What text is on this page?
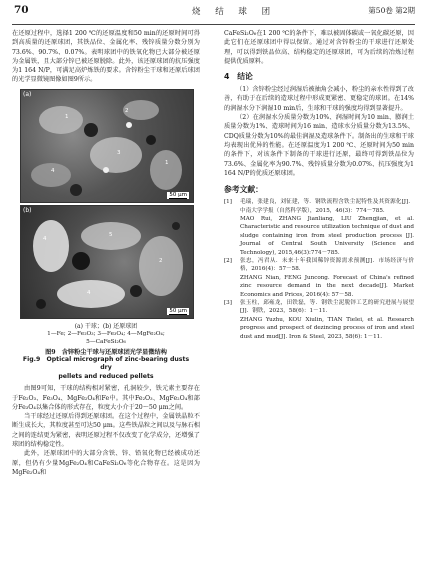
70	烧 结 球 团	第50卷 第2期

在还原过程中，选择1 200 ℃的还原温度和50 min的还原时间可得到高质量的还原球团，其铁品位、金属化率、残锌质量分数分别为73.6%、90.7%、0.07%。表明球团中的铁氧化物已大部分被还原为金属铁，且大部分锌已被还原脱除。此外，该还原球团的抗压强度为1 164 N/P，可满足高炉炼铁的要求。含锌粉尘干球和还原后球团的光学显微镜图像如图9所示。

(a)
1
2
3
4
1
50 μm
(b)
4
5
2
4
50 μm
(a) 干球；(b) 还原球团
1—Fe; 2—Fe₂O₃; 3—Fe₃O₄; 4—MgFe₂O₄;
5—CaFeSi₂O₆
图9　含锌粉尘干球与还原球团光学显微结构
Fig.9　Optical micrograph of zinc-bearing dusts dry
pellets and reduced pellets

由图9可知，干球的结构相对紧密，孔洞较少，铁元素主要存在于Fe₂O₃、Fe₃O₄、MgFe₂O₄和Fe中。其中Fe₂O₃、MgFe₂O₄和部分Fe₃O₄以集合体的形式存在，粒度大小介于20～50 μm之间。

当干球经过还原后得到还原球团。在这个过程中，金属铁晶粒不断生成长大，其粒度甚至可达50 μm。这些铁晶粒之间以及与脉石相之间的连结更为紧密，表明还原过程不仅改变了化学成分，还增强了球团的结构稳定性。

此外，还原球团中的大部分含铁、锌、铅氧化物已经被成功还原，但仍有少量MgFe₂O₄和CaFeSi₂O₆等化合物存在。这是因为MgFe₂O₄和

CaFeSi₂O₆在1 200 ℃的条件下，难以被固体碳或一氧化碳还原，因此它们在还原球团中得以保留。通过对含锌粉尘的干球进行还原处理，可以得到铁品位高、结构稳定的还原球团，可为后续的冶炼过程提供优质原料。

4　结论

（1）含锌粉尘经过润湿后被抽角会减小，粉尘的亲水性得到了改善，有助于在后续的造球过程中形成更紧密、更稳定的球团。在14%的润湿水分下润湿10 min后，生球和干球的强度均得到显著提升。

（2）在润湿水分质量分数为10%、润湿时间为10 min、膨润土质量分数为1%、造球时间为16 min、造球水分质量分数为13.5%、CDQ质量分数为10%的最佳润湿及造球条件下。制备出的生球和干球均表现出优异的性能。在还原温度为1 200 ℃、还原时间为50 min的条件下，对该条件下制备的干球进行还原，最终可得到铁品位为73.6%、金属化率为90.7%、残锌质量分数为0.07%、抗压强度为1 164 N/P的优质还原球团。

参考文献：
[1]	毛瑞，张建良，刘征建，等．钢铁流程含铁尘泥特性及其资源化[J]．中南大学学报（自然科学版），2015，46(3)：774－785．
MAO Rui, ZHANG Jianliang, LIU Zhengjian, et al. Characteristic and resource utilization technique of dust and sludge containing iron from steel production process [J]. Journal of Central South University (Science and Technology), 2015,46(3):774－785.
[2]	张忠，冯君从．未来十年我国稀锌资源需求预测[J]．市场经济与价格，2016(4)：57－58．
ZHANG Nian, FENG Juncong. Forecast of China's refined zinc resource demand in the next decade[J]. Market Economics and Prices, 2016(4): 57－58.
[3]	张玉柱，邱雍龙，田铁磊，等．钢铁尘泥脱锌工艺的研究进展与展望[J]．钢铁，2023，58(6)：1－11．
ZHANG Yuzhu, KOU Xiulin, TIAN Tielei, et al. Research progress and prospect of dezincing process of iron and steel dust and mud[J]. Iron & Steel, 2023, 58(6): 1－11.
